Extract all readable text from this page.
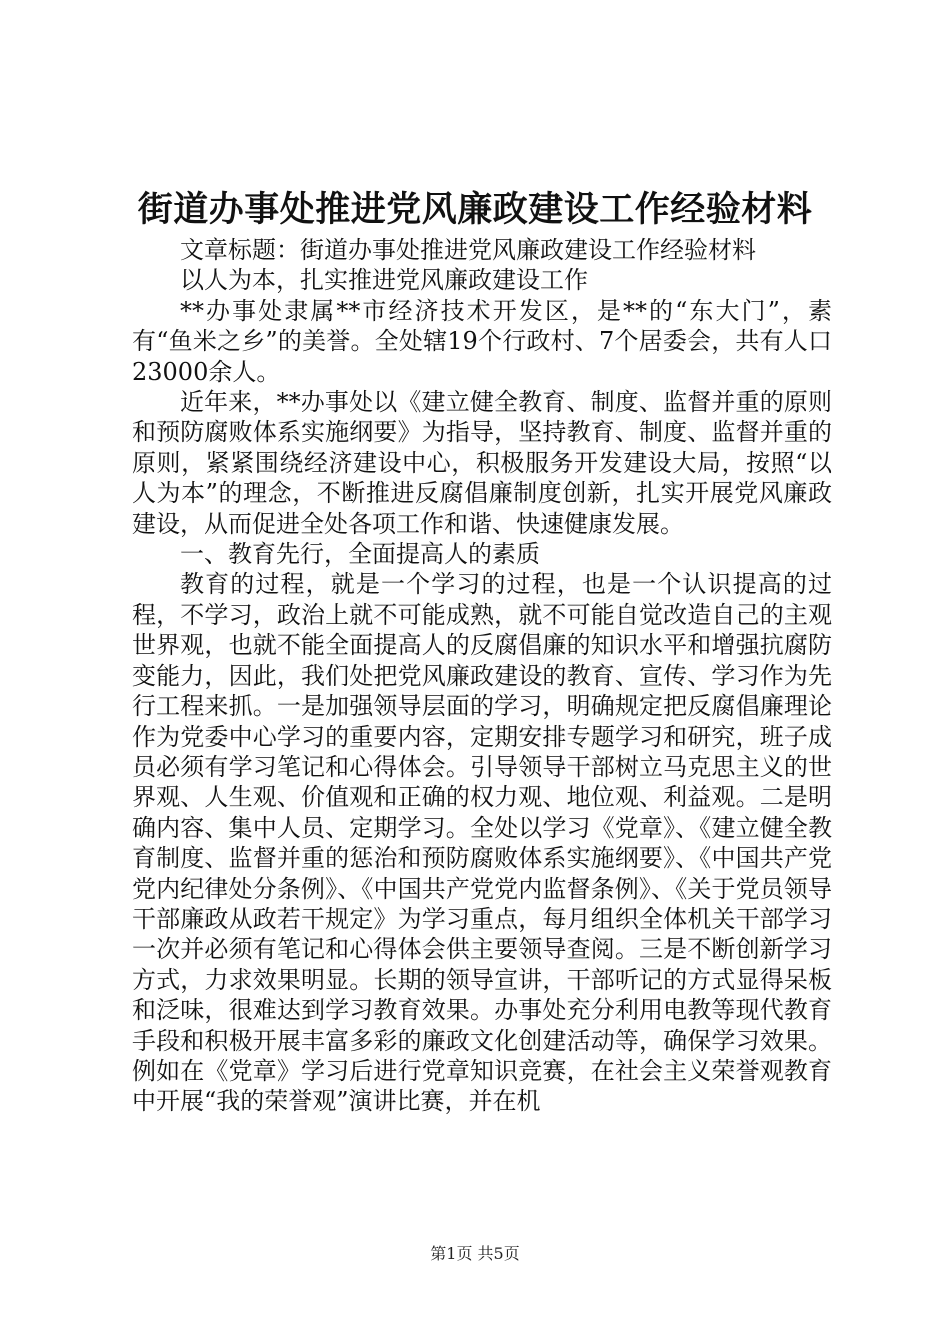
街道办事处推进党风廉政建设工作经验材料

文章标题：街道办事处推进党风廉政建设工作经验材料

以人为本，扎实推进党风廉政建设工作

**办事处隶属**市经济技术开发区，是**的“东大门”，素有“鱼米之乡”的美誉。全处辖19个行政村、7个居委会，共有人口23000余人。

近年来，**办事处以《建立健全教育、制度、监督并重的原则和预防腐败体系实施纲要》为指导，坚持教育、制度、监督并重的原则，紧紧围绕经济建设中心，积极服务开发建设大局，按照“以人为本”的理念，不断推进反腐倡廉制度创新，扎实开展党风廉政建设，从而促进全处各项工作和谐、快速健康发展。

一、教育先行，全面提高人的素质

教育的过程，就是一个学习的过程，也是一个认识提高的过程，不学习，政治上就不可能成熟，就不可能自觉改造自己的主观世界观，也就不能全面提高人的反腐倡廉的知识水平和增强抗腐防变能力，因此，我们处把党风廉政建设的教育、宣传、学习作为先行工程来抓。一是加强领导层面的学习，明确规定把反腐倡廉理论作为党委中心学习的重要内容，定期安排专题学习和研究，班子成员必须有学习笔记和心得体会。引导领导干部树立马克思主义的世界观、人生观、价值观和正确的权力观、地位观、利益观。二是明确内容、集中人员、定期学习。全处以学习《党章》、《建立健全教育制度、监督并重的惩治和预防腐败体系实施纲要》、《中国共产党党内纪律处分条例》、《中国共产党党内监督条例》、《关于党员领导干部廉政从政若干规定》为学习重点，每月组织全体机关干部学习一次并必须有笔记和心得体会供主要领导查阅。三是不断创新学习方式，力求效果明显。长期的领导宣讲，干部听记的方式显得呆板和泛味，很难达到学习教育效果。办事处充分利用电教等现代教育手段和积极开展丰富多彩的廉政文化创建活动等，确保学习效果。例如在《党章》学习后进行党章知识竞赛，在社会主义荣誉观教育中开展“我的荣誉观”演讲比赛，并在机

第1页 共5页
